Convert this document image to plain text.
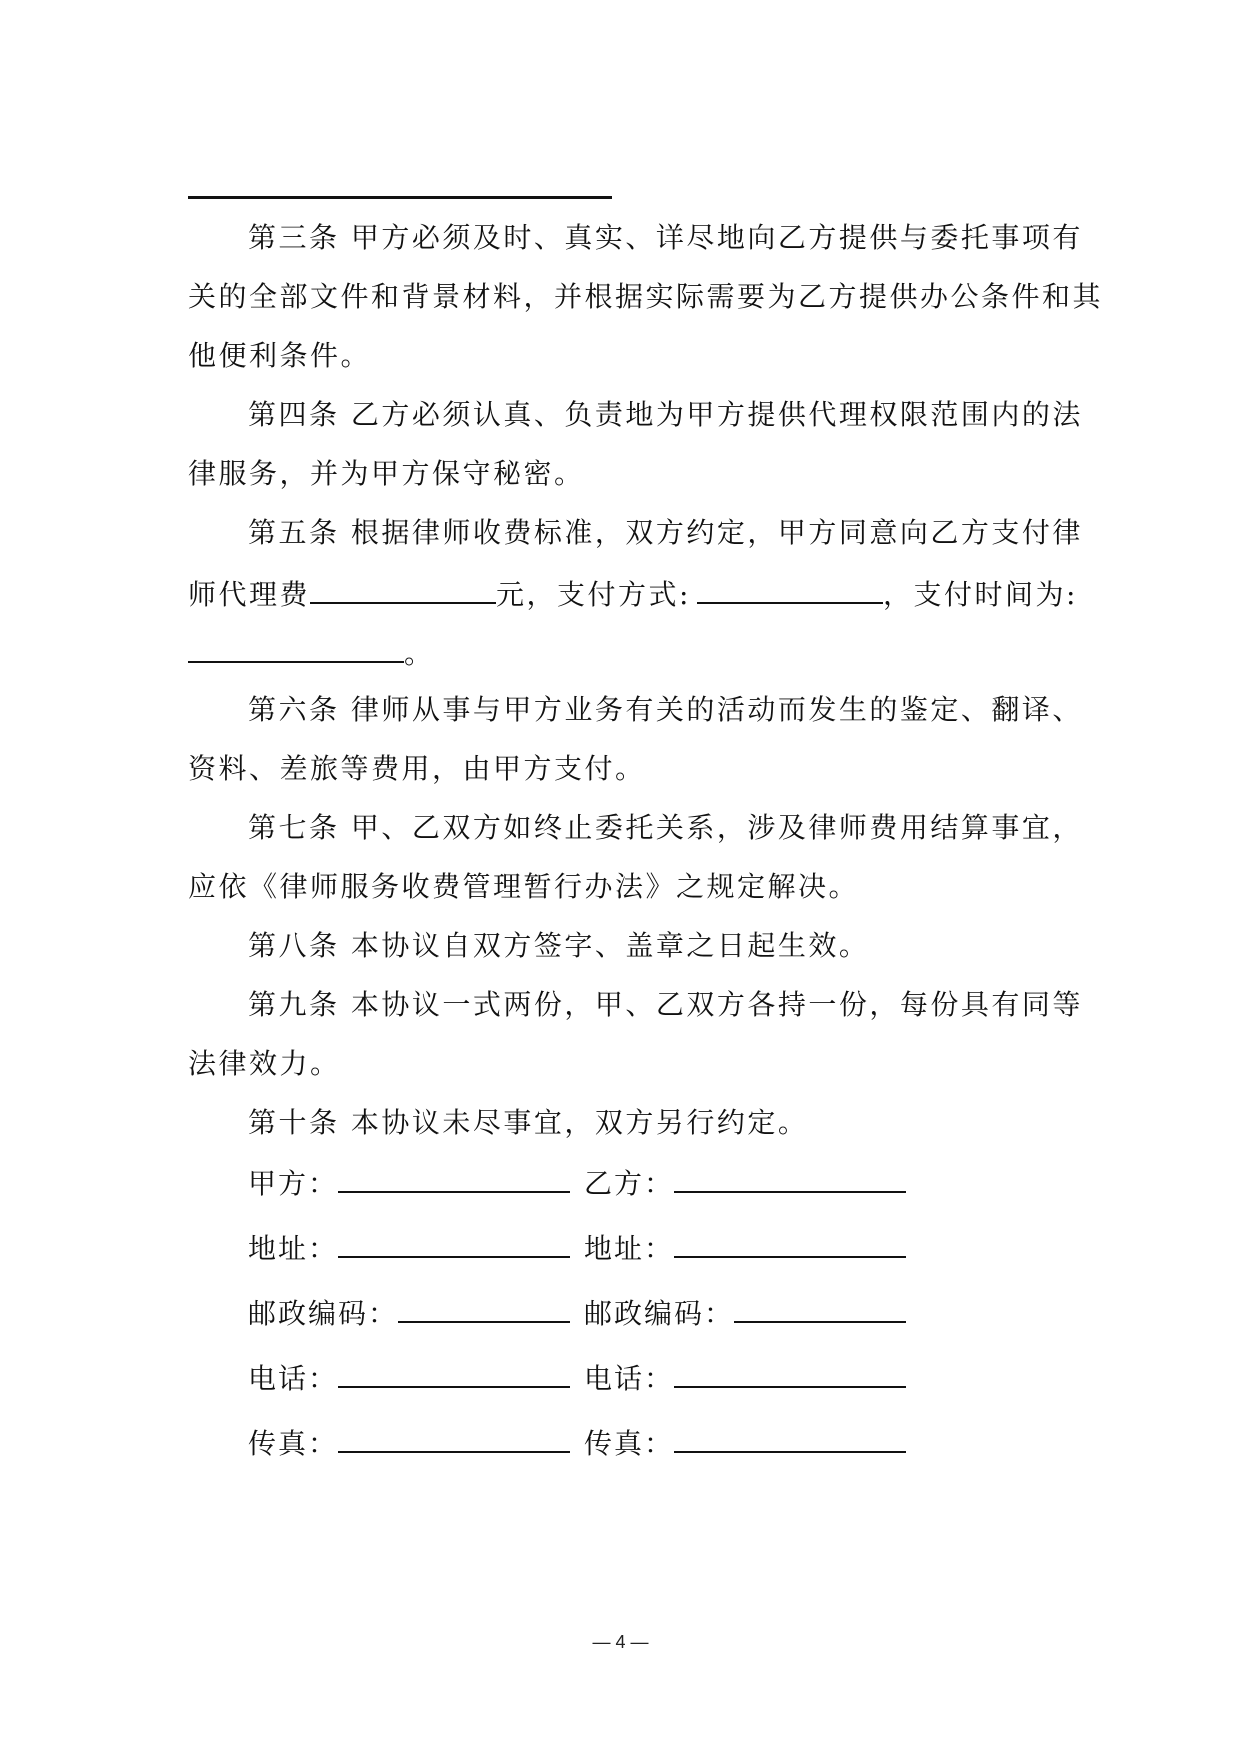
第三条 甲方必须及时、真实、详尽地向乙方提供与委托事项有
关的全部文件和背景材料，并根据实际需要为乙方提供办公条件和其
他便利条件。
第四条 乙方必须认真、负责地为甲方提供代理权限范围内的法
律服务，并为甲方保守秘密。
第五条 根据律师收费标准，双方约定，甲方同意向乙方支付律
师代理费	元，支付方式:	，支付时间为:
。
第六条 律师从事与甲方业务有关的活动而发生的鉴定、翻译、
资料、差旅等费用，由甲方支付。
第七条 甲、乙双方如终止委托关系，涉及律师费用结算事宜，
应依《律师服务收费管理暂行办法》之规定解决。
第八条 本协议自双方签字、盖章之日起生效。
第九条 本协议一式两份，甲、乙双方各持一份，每份具有同等
法律效力。
第十条 本协议未尽事宜，双方另行约定。
甲方：	乙方：
地址：	地址：
邮政编码：	邮政编码：
电话：	电话：
传真：	传真：
— 4 —
